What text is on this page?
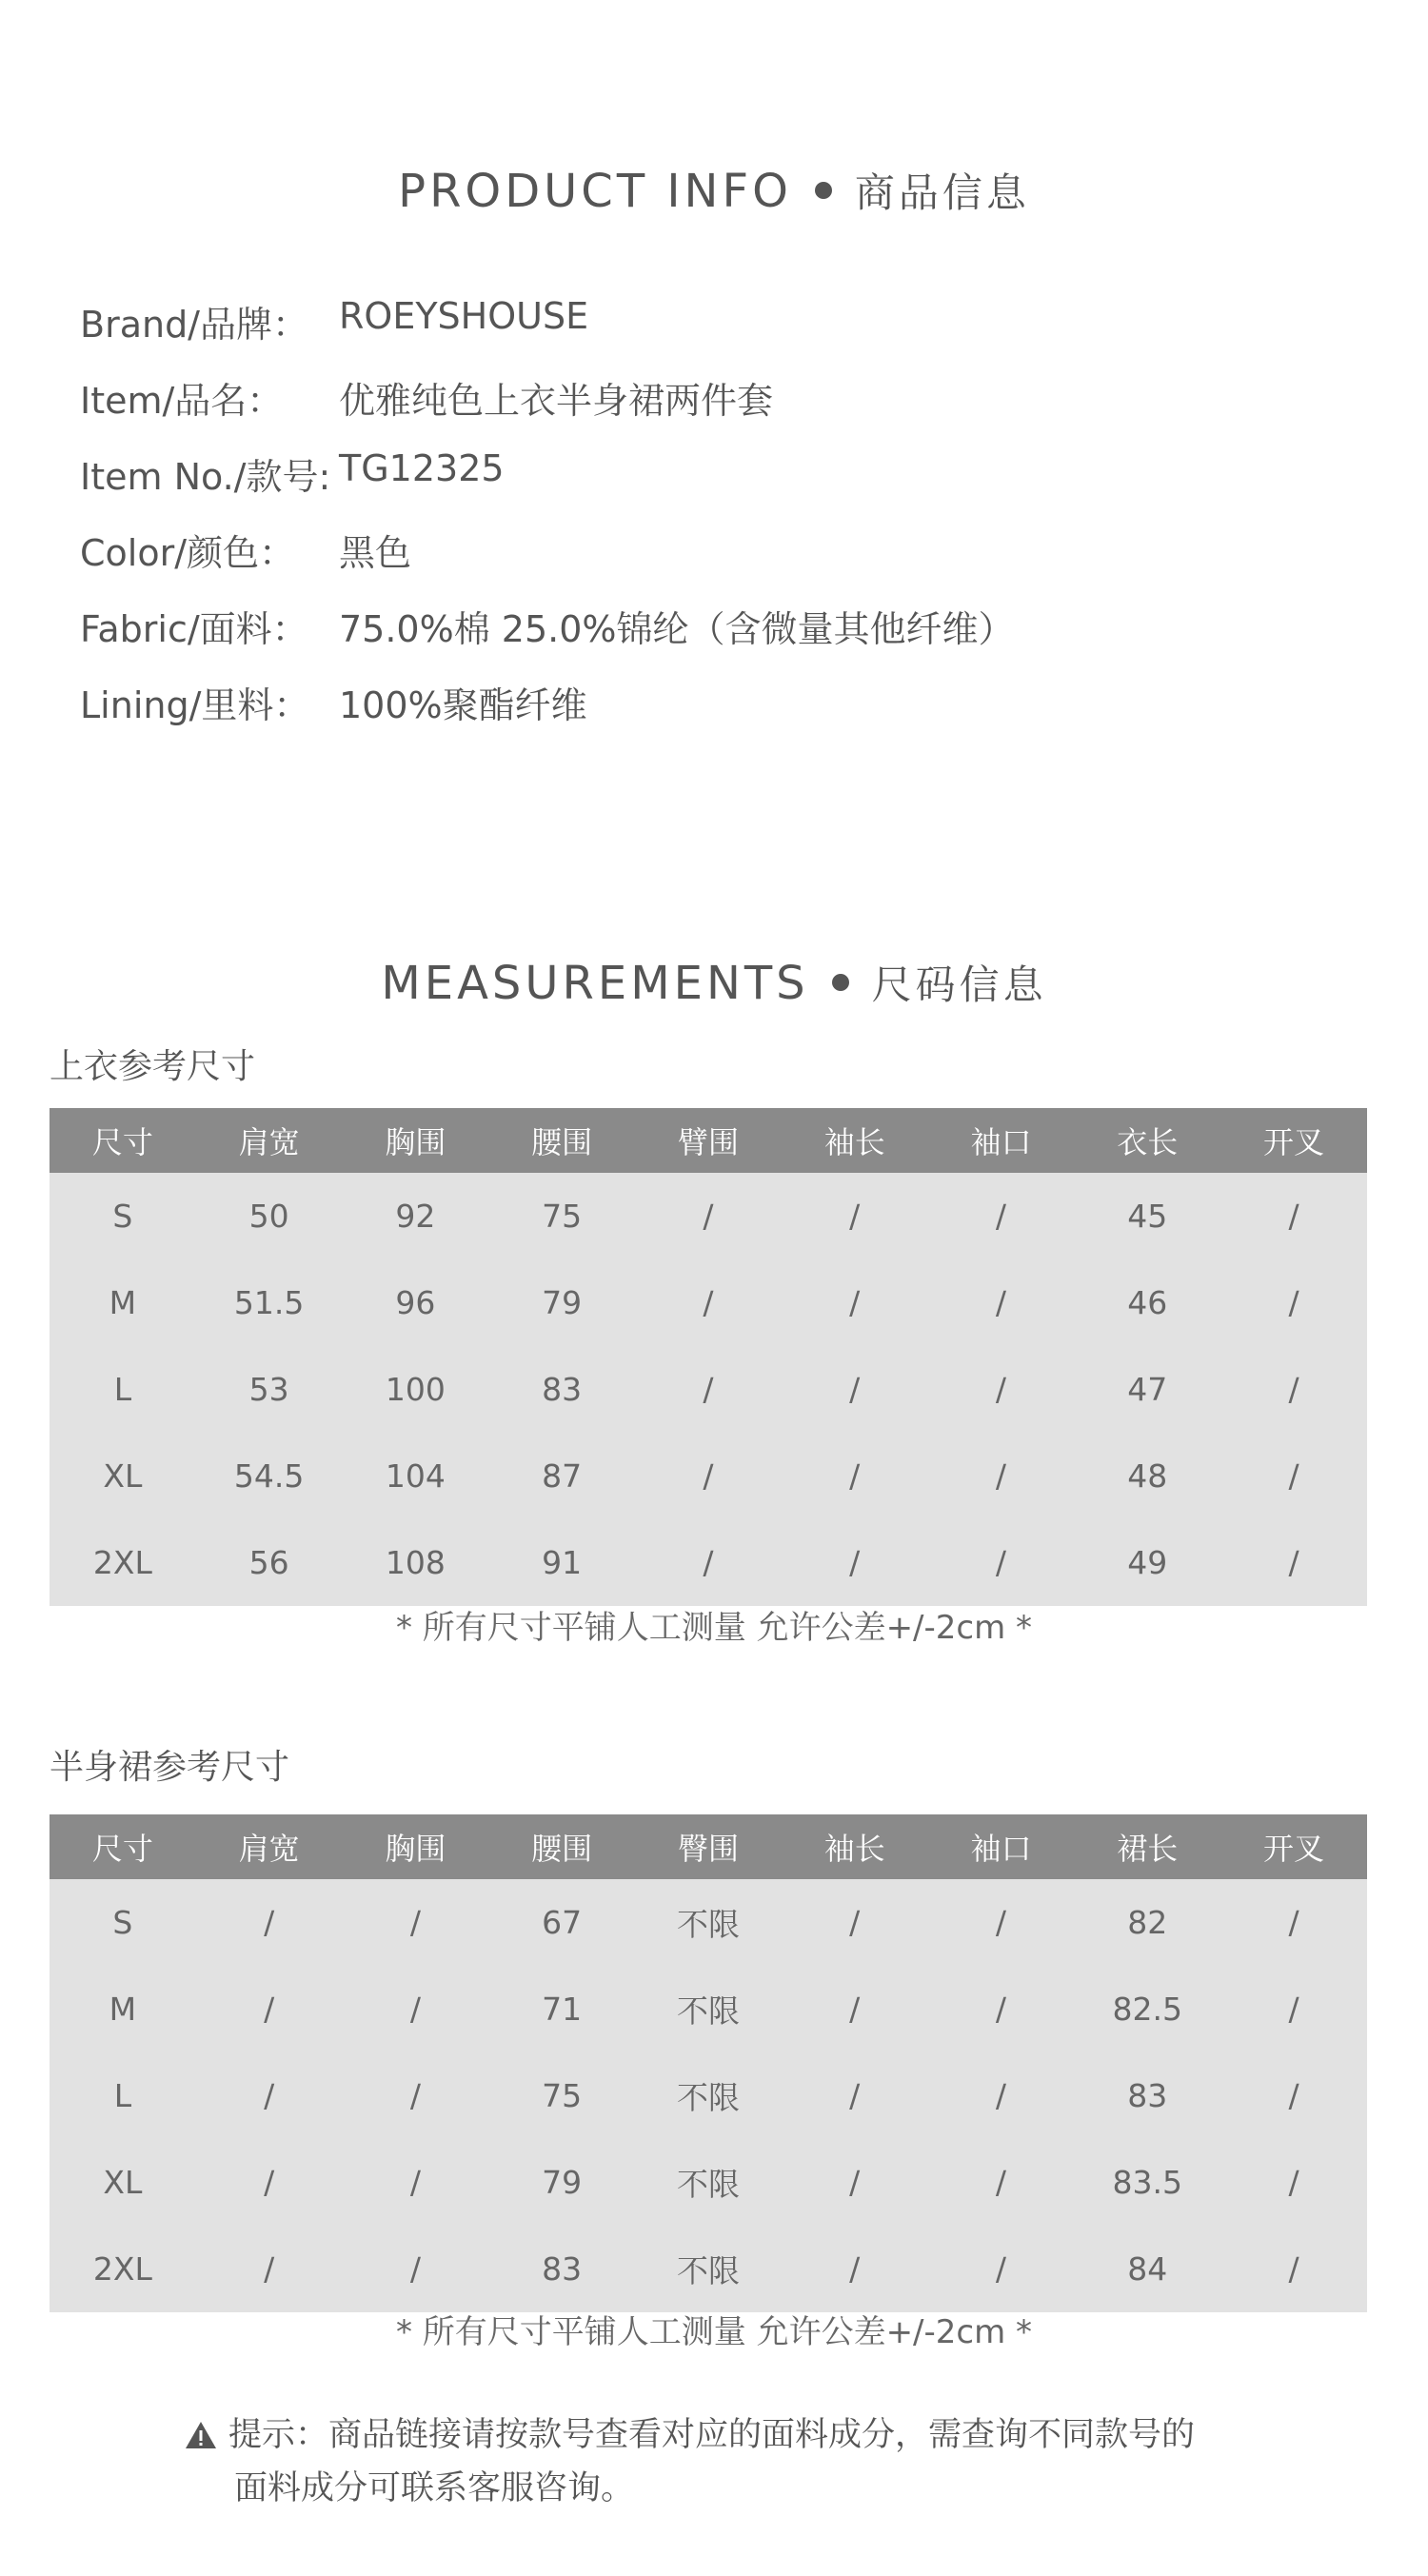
PRODUCT INFO 商品信息
Brand/品牌： ROEYSHOUSE
Item/品名： 优雅纯色上衣半身裙两件套
Item No./款号: TG12325
Color/颜色： 黑色
Fabric/面料： 75.0%棉 25.0%锦纶（含微量其他纤维）
Lining/里料： 100%聚酯纤维
MEASUREMENTS 尺码信息
上衣参考尺寸
尺寸	肩宽	胸围	腰围	臂围	袖长	袖口	衣长	开叉
S	50	92	75	/	/	/	45	/
M	51.5	96	79	/	/	/	46	/
L	53	100	83	/	/	/	47	/
XL	54.5	104	87	/	/	/	48	/
2XL	56	108	91	/	/	/	49	/
* 所有尺寸平铺人工测量 允许公差+/-2cm *
半身裙参考尺寸
尺寸	肩宽	胸围	腰围	臀围	袖长	袖口	裙长	开叉
S	/	/	67	不限	/	/	82	/
M	/	/	71	不限	/	/	82.5	/
L	/	/	75	不限	/	/	83	/
XL	/	/	79	不限	/	/	83.5	/
2XL	/	/	83	不限	/	/	84	/
* 所有尺寸平铺人工测量 允许公差+/-2cm *
提示：商品链接请按款号查看对应的面料成分，需查询不同款号的
面料成分可联系客服咨询。
